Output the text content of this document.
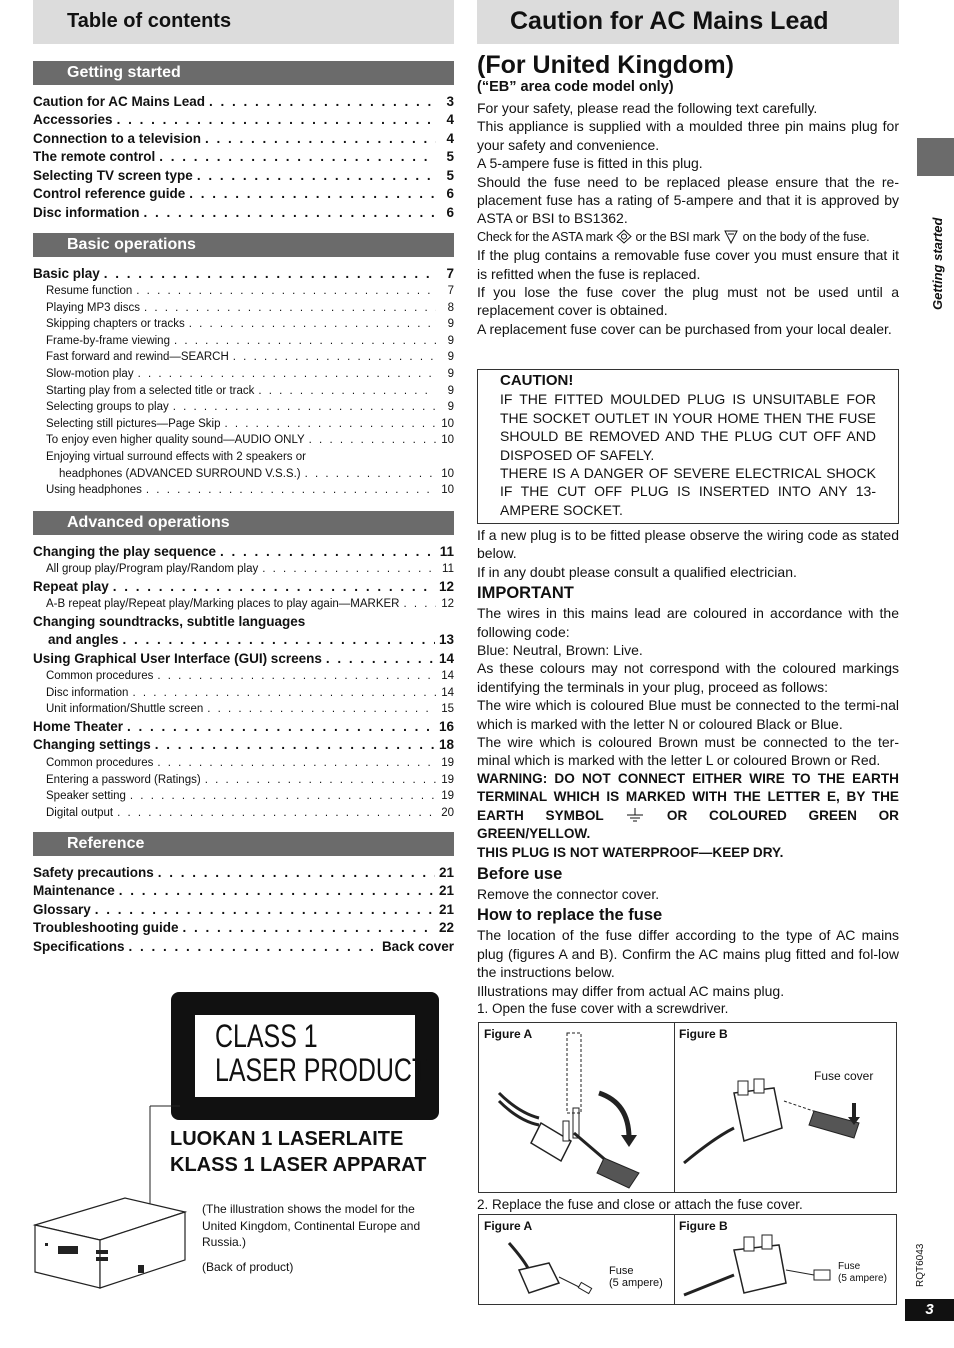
Table of contents
Getting started
Caution for AC Mains Lead . . .	3
Accessories . . .	4
Connection to a television . . .	4
The remote control . . .	5
Selecting TV screen type . . .	5
Control reference guide . . .	6
Disc information . . .	6
Basic operations
Basic play . . .	7
Resume function . . .	7
Playing MP3 discs . . .	8
Skipping chapters or tracks . . .	9
Frame-by-frame viewing . . .	9
Fast forward and rewind—SEARCH . . .	9
Slow-motion play . . .	9
Starting play from a selected title or track . . .	9
Selecting groups to play . . .	9
Selecting still pictures—Page Skip . . .	10
To enjoy even higher quality sound—AUDIO ONLY . . .	10
Enjoying virtual surround effects with 2 speakers or
headphones (ADVANCED SURROUND V.S.S.) . . .	10
Using headphones . . .	10
Advanced operations
Changing the play sequence . . .	11
All group play/Program play/Random play . . .	11
Repeat play . . .	12
A-B repeat play/Repeat play/Marking places to play again—MARKER . . .	12
Changing soundtracks, subtitle languages
and angles . . .	13
Using Graphical User Interface (GUI) screens . . .	14
Common procedures . . .	14
Disc information . . .	14
Unit information/Shuttle screen . . .	15
Home Theater . . .	16
Changing settings . . .	18
Common procedures . . .	19
Entering a password (Ratings) . . .	19
Speaker setting . . .	19
Digital output . . .	20
Reference
Safety precautions . . .	21
Maintenance . . .	21
Glossary . . .	21
Troubleshooting guide . . .	22
Specifications . . .	Back cover
CLASS 1
LASER PRODUCT
LUOKAN 1 LASERLAITE
KLASS 1 LASER APPARAT
(The illustration shows the model for the United Kingdom, Continental Europe and Russia.)
(Back of product)
Caution for AC Mains Lead
(For United Kingdom)
(“EB” area code model only)

For your safety, please read the following text carefully.

This appliance is supplied with a moulded three pin mains plug for your safety and convenience.

A 5-ampere fuse is fitted in this plug.

Should the fuse need to be replaced please ensure that the re-placement fuse has a rating of 5-ampere and that it is approved by ASTA or BSI to BS1362.

Check for the ASTA mark or the BSI mark on the body of the fuse.

If the plug contains a removable fuse cover you must ensure that it is refitted when the fuse is replaced.

If you lose the fuse cover the plug must not be used until a replacement cover is obtained.

A replacement fuse cover can be purchased from your local dealer.

CAUTION!
IF THE FITTED MOULDED PLUG IS UNSUITABLE FOR THE SOCKET OUTLET IN YOUR HOME THEN THE FUSE SHOULD BE REMOVED AND THE PLUG CUT OFF AND DISPOSED OF SAFELY.
THERE IS A DANGER OF SEVERE ELECTRICAL SHOCK IF THE CUT OFF PLUG IS INSERTED INTO ANY 13-AMPERE SOCKET.

If a new plug is to be fitted please observe the wiring code as stated below.

If in any doubt please consult a qualified electrician.

IMPORTANT

The wires in this mains lead are coloured in accordance with the following code:

Blue: Neutral, Brown: Live.

As these colours may not correspond with the coloured markings identifying the terminals in your plug, proceed as follows:

The wire which is coloured Blue must be connected to the termi-nal which is marked with the letter N or coloured Black or Blue.

The wire which is coloured Brown must be connected to the ter-minal which is marked with the letter L or coloured Brown or Red.

WARNING: DO NOT CONNECT EITHER WIRE TO THE EARTH TERMINAL WHICH IS MARKED WITH THE LETTER E, BY THE EARTH SYMBOL	OR COLOURED GREEN OR GREEN/YELLOW.

THIS PLUG IS NOT WATERPROOF—KEEP DRY.

Before use

Remove the connector cover.

How to replace the fuse

The location of the fuse differ according to the type of AC mains plug (figures A and B). Confirm the AC mains plug fitted and fol-low the instructions below.

Illustrations may differ from actual AC mains plug.

1. Open the fuse cover with a screwdriver.

Figure A	Figure B
Fuse cover
2. Replace the fuse and close or attach the fuse cover.
Figure A
Fuse
(5 ampere)
Figure B
Fuse
(5 ampere)
Getting started
RQT6043
3
